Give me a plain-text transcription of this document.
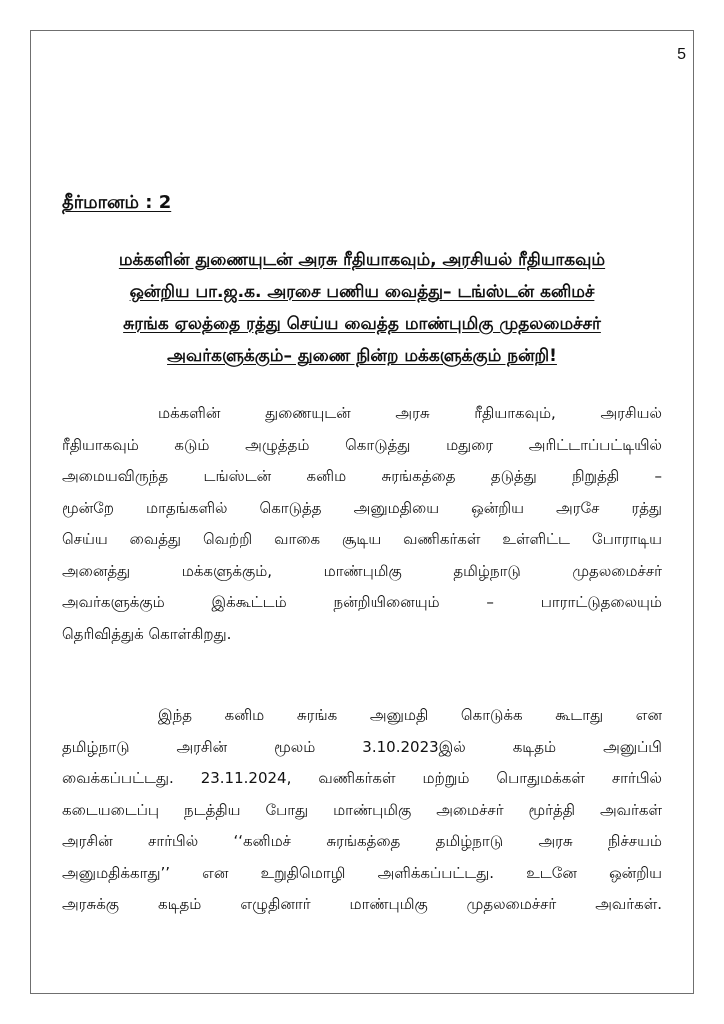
5
தீர்மானம் : 2
மக்களின் துணையுடன் அரசு ரீதியாகவும், அரசியல் ரீதியாகவும்
ஒன்றிய பா.ஜ.க. அரசை பணிய வைத்து– டங்ஸ்டன் கனிமச்
சுரங்க ஏலத்தை ரத்து செய்ய வைத்த மாண்புமிகு முதலமைச்சர்
அவர்களுக்கும்– துணை நின்ற மக்களுக்கும் நன்றி!
மக்களின் துணையுடன் அரசு ரீதியாகவும், அரசியல்
ரீதியாகவும் கடும் அழுத்தம் கொடுத்து மதுரை அரிட்டாப்பட்டியில்
அமையவிருந்த டங்ஸ்டன் கனிம சுரங்கத்தை தடுத்து நிறுத்தி –
மூன்றே மாதங்களில் கொடுத்த அனுமதியை ஒன்றிய அரசே ரத்து
செய்ய வைத்து வெற்றி வாகை சூடிய வணிகர்கள் உள்ளிட்ட போராடிய
அனைத்து மக்களுக்கும், மாண்புமிகு தமிழ்நாடு முதலமைச்சர்
அவர்களுக்கும் இக்கூட்டம் நன்றியினையும் – பாராட்டுதலையும்
தெரிவித்துக் கொள்கிறது.
இந்த கனிம சுரங்க அனுமதி கொடுக்க கூடாது என
தமிழ்நாடு அரசின் மூலம் 3.10.2023இல் கடிதம் அனுப்பி
வைக்கப்பட்டது. 23.11.2024, வணிகர்கள் மற்றும் பொதுமக்கள் சார்பில்
கடையடைப்பு நடத்திய போது மாண்புமிகு அமைச்சர் மூர்த்தி அவர்கள்
அரசின் சார்பில் ‘‘கனிமச் சுரங்கத்தை தமிழ்நாடு அரசு நிச்சயம்
அனுமதிக்காது’’ என உறுதிமொழி அளிக்கப்பட்டது. உடனே ஒன்றிய
அரசுக்கு கடிதம் எழுதினார் மாண்புமிகு முதலமைச்சர் அவர்கள்.
